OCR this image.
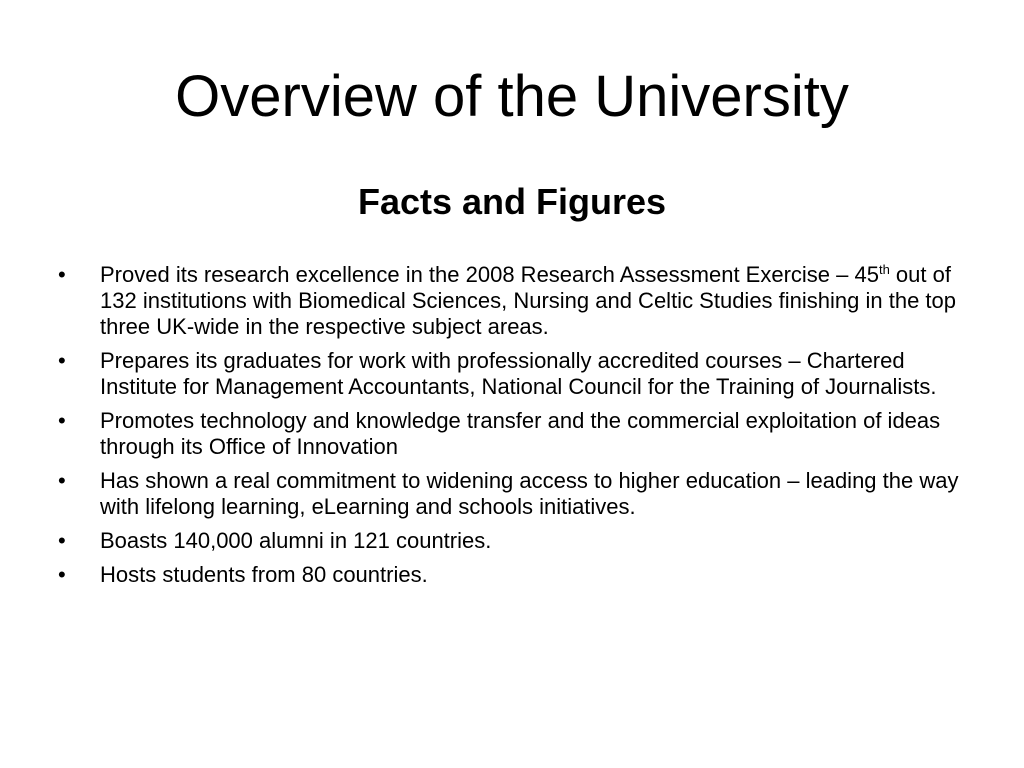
Overview of the University
Facts and Figures
•	Proved its research excellence in the 2008 Research Assessment Exercise – 45th out of 132 institutions with Biomedical Sciences, Nursing and Celtic Studies finishing in the top three UK-wide in the respective subject areas.
•	Prepares its graduates for work with professionally accredited courses – Chartered Institute for Management Accountants, National Council for the Training of Journalists.
•	Promotes technology and knowledge transfer and the commercial exploitation of ideas through its Office of Innovation
•	Has shown a real commitment to widening access to higher education – leading the way with lifelong learning, eLearning and schools initiatives.
•	Boasts 140,000 alumni in 121 countries.
•	Hosts students from 80 countries.
